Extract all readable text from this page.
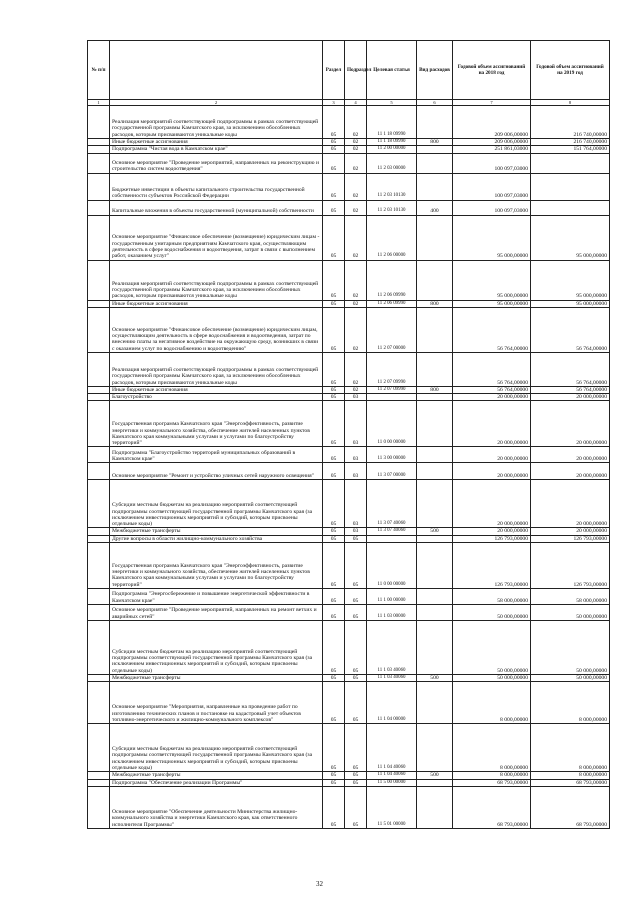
№ п/п		Раздел	Подраздел	Целевая статья	Вид расходов	Годовой объем ассигнований на 2018 год	Годовой объем ассигнований на 2019 год
1	2	3	4	5	6	7	8
	Реализация мероприятий соответствующей подпрограммы в рамках соответствующей государственной программы Камчатского края, за исключением обособленных расходов, которым присваиваются уникальные коды	05	02	11 1 18 09990		209 006,00000	216 740,00000
	Иные бюджетные ассигнования	05	02	11 1 18 09990	800	209 006,00000	216 740,00000
	Подпрограмма "Чистая вода в Камчатском крае"	05	02	11 2 00 00000		251 861,03000	151 764,00000
	Основное мероприятие "Проведение мероприятий, направленных на реконструкцию и строительство систем водоотведения"	05	02	11 2 03 00000		100 097,03000	
	Бюджетные инвестиции в объекты капитального строительства государственной собственности субъектов Российской Федерации	05	02	11 2 03 10130		100 097,03000	
	Капитальные вложения в объекты государственной (муниципальной) собственности	05	02	11 2 03 10130	400	100 097,03000	
	Основное мероприятие "Финансовое обеспечение (возмещение) юридическим лицам - государственным унитарным предприятиям Камчатского края, осуществляющим деятельность в сфере водоснабжения и водоотведения, затрат в связи с выполнением работ, оказанием услуг"	05	02	11 2 06 00000		95 000,00000	95 000,00000
	Реализация мероприятий соответствующей подпрограммы в рамках соответствующей государственной программы Камчатского края, за исключением обособленных расходов, которым присваиваются уникальные коды	05	02	11 2 06 09990		95 000,00000	95 000,00000
	Иные бюджетные ассигнования	05	02	11 2 06 09990	800	95 000,00000	95 000,00000
	Основное мероприятие "Финансовое обеспечение (возмещение) юридическим лицам, осуществляющим деятельность в сфере водоснабжения и водоотведения, затрат по внесению платы за негативное воздействие на окружающую среду, возникших в связи с оказанием услуг по водоснабжению и водоотведению"	05	02	11 2 07 00000		56 764,00000	56 764,00000
	Реализация мероприятий соответствующей подпрограммы в рамках соответствующей государственной программы Камчатского края, за исключением обособленных расходов, которым присваиваются уникальные коды	05	02	11 2 07 09990		56 764,00000	56 764,00000
	Иные бюджетные ассигнования	05	02	11 2 07 09990	800	56 764,00000	56 764,00000
	Благоустройство	05	03			20 000,00000	20 000,00000
	Государственная программа Камчатского края "Энергоэффективность, развитие энергетики и коммунального хозяйства, обеспечение жителей населенных пунктов Камчатского края коммунальными услугами и услугами по благоустройству территорий"	05	03	11 0 00 00000		20 000,00000	20 000,00000
	Подпрограмма "Благоустройство территорий муниципальных образований в Камчатском крае"	05	03	11 3 00 00000		20 000,00000	20 000,00000
	Основное мероприятие "Ремонт и устройство уличных сетей наружного освещения"	05	03	11 3 07 00000		20 000,00000	20 000,00000
	Субсидии местным бюджетам на реализацию мероприятий соответствующей подпрограммы соответствующей государственной программы Камчатского края (за исключением инвестиционных мероприятий и субсидий, которым присвоены отдельные коды)	05	03	11 3 07 40060		20 000,00000	20 000,00000
	Межбюджетные трансферты	05	03	11 3 07 40060	500	20 000,00000	20 000,00000
	Другие вопросы в области жилищно-коммунального хозяйства	05	05			126 793,00000	126 793,00000
	Государственная программа Камчатского края "Энергоэффективность, развитие энергетики и коммунального хозяйства, обеспечение жителей населенных пунктов Камчатского края коммунальными услугами и услугами по благоустройству территорий"	05	05	11 0 00 00000		126 793,00000	126 793,00000
	Подпрограмма "Энергосбережение и повышение энергетической эффективности в Камчатском крае"	05	05	11 1 00 00000		58 000,00000	58 000,00000
	Основное мероприятие "Проведение мероприятий, направленных на ремонт ветхих и аварийных сетей"	05	05	11 1 03 00000		50 000,00000	50 000,00000
	Субсидии местным бюджетам на реализацию мероприятий соответствующей подпрограммы соответствующей государственной программы Камчатского края (за исключением инвестиционных мероприятий и субсидий, которым присвоены отдельные коды)	05	05	11 1 03 40060		50 000,00000	50 000,00000
	Межбюджетные трансферты	05	05	11 1 03 40060	500	50 000,00000	50 000,00000
	Основное мероприятие "Мероприятия, направленные на проведение работ по изготовлению технических планов и постановке на кадастровый учет объектов топливно-энергетического и жилищно-коммунального комплексов"	05	05	11 1 04 00000		8 000,00000	8 000,00000
	Субсидии местным бюджетам на реализацию мероприятий соответствующей подпрограммы соответствующей государственной программы Камчатского края (за исключением инвестиционных мероприятий и субсидий, которым присвоены отдельные коды)	05	05	11 1 04 40060		8 000,00000	8 000,00000
	Межбюджетные трансферты	05	05	11 1 04 40060	500	8 000,00000	8 000,00000
	Подпрограмма "Обеспечение реализации Программы"	05	05	11 5 00 00000		68 793,00000	68 793,00000
	Основное мероприятие "Обеспечение деятельности Министерства жилищно-коммунального хозяйства и энергетики Камчатского края, как ответственного исполнителя Программы"	05	05	11 5 01 00000		68 793,00000	68 793,00000
32
